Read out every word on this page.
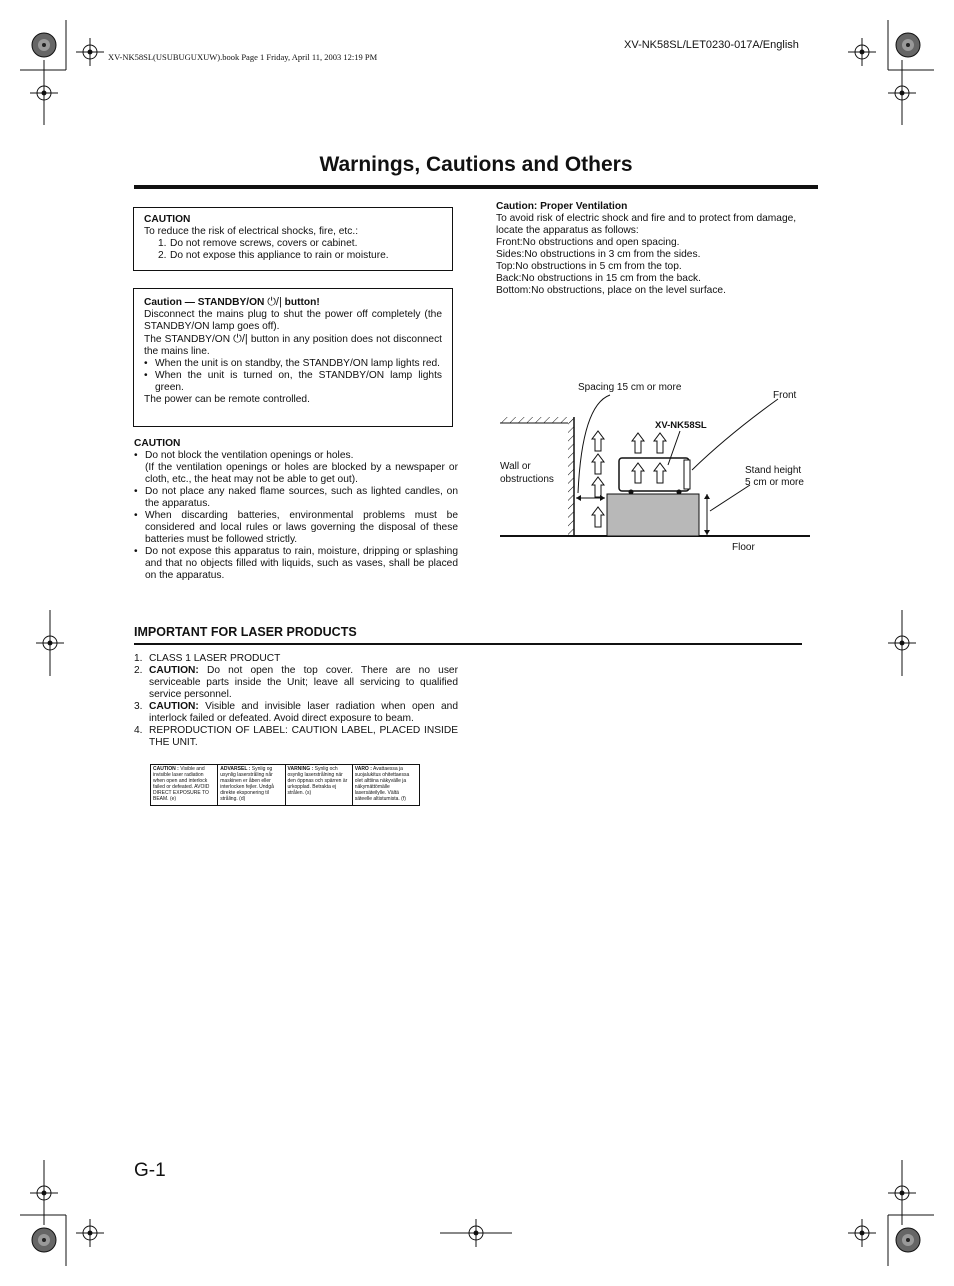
XV-NK58SL(USUBUGUXUW).book Page 1 Friday, April 11, 2003 12:19 PM
XV-NK58SL/LET0230-017A/English
Warnings, Cautions and Others

CAUTION

To reduce the risk of electrical shocks, fire, etc.:

1. Do not remove screws, covers or cabinet.
2. Do not expose this appliance to rain or moisture.

Caution — STANDBY/ON ⏻/| button!

Disconnect the mains plug to shut the power off completely (the STANDBY/ON lamp goes off).

The STANDBY/ON ⏻/| button in any position does not disconnect the mains line.

• When the unit is on standby, the STANDBY/ON lamp lights red.
• When the unit is turned on, the STANDBY/ON lamp lights green.

The power can be remote controlled.

CAUTION

• Do not block the ventilation openings or holes.
(If the ventilation openings or holes are blocked by a newspaper or cloth, etc., the heat may not be able to get out).
• Do not place any naked flame sources, such as lighted candles, on the apparatus.
• When discarding batteries, environmental problems must be considered and local rules or laws governing the disposal of these batteries must be followed strictly.
• Do not expose this apparatus to rain, moisture, dripping or splashing and that no objects filled with liquids, such as vases, shall be placed on the apparatus.

Caution: Proper Ventilation

To avoid risk of electric shock and fire and to protect from damage, locate the apparatus as follows:

Front:No obstructions and open spacing.

Sides:No obstructions in 3 cm from the sides.

Top:No obstructions in 5 cm from the top.

Back:No obstructions in 15 cm from the back.

Bottom:No obstructions, place on the level surface.

Spacing 15 cm or more
Front
XV-NK58SL
Wall or
obstructions
Stand height
5 cm or more
Floor
IMPORTANT FOR LASER PRODUCTS
1. CLASS 1 LASER PRODUCT
2. CAUTION: Do not open the top cover. There are no user serviceable parts inside the Unit; leave all servicing to qualified service personnel.
3. CAUTION: Visible and invisible laser radiation when open and interlock failed or defeated. Avoid direct exposure to beam.
4. REPRODUCTION OF LABEL: CAUTION LABEL, PLACED INSIDE THE UNIT.
CAUTION : Visible and invisible laser radiation when open and interlock failed or defeated. AVOID DIRECT EXPOSURE TO BEAM. (e)
ADVARSEL : Synlig og usynlig laserstråling når maskinen er åben eller interlocken fejler. Undgå direkte eksponering til stråling. (d)
VARNING : Synlig och osynlig laserstrålning när den öppnas och spärren är urkopplad. Betrakta ej strålen. (s)
VARO : Avattaessa ja suojalukitus ohitettaessa olet alttiina näkyvälle ja näkymättömälle lasersäteilylle. Vältä säteelle altistumista. (f)
G-1
